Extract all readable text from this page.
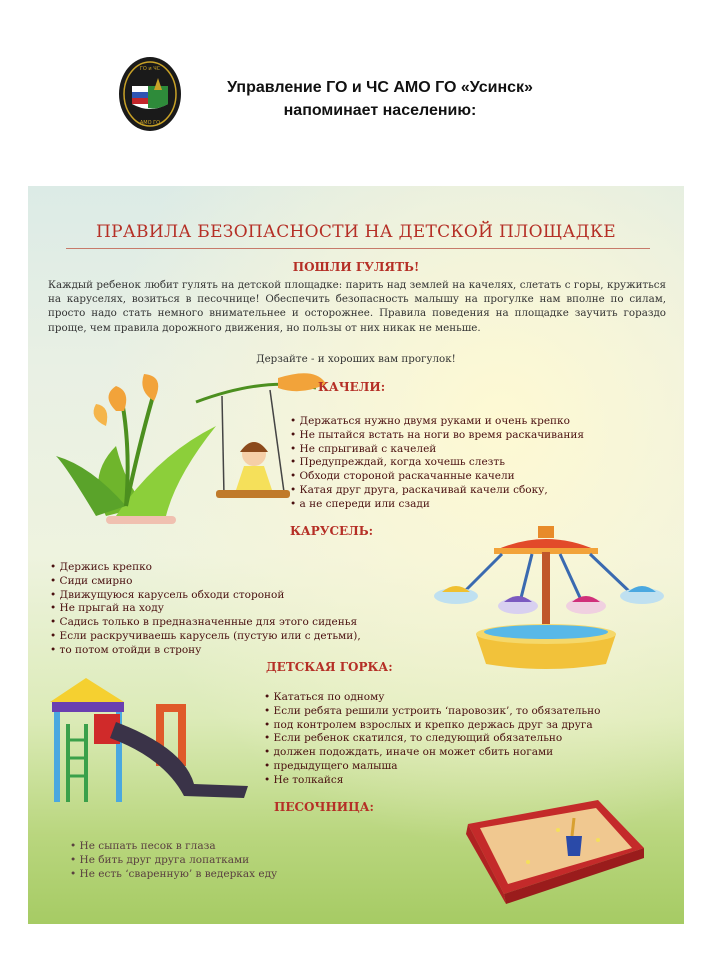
ГО и ЧС
АМО ГО
Управление ГО и ЧС АМО ГО «Усинск»
напоминает населению:
ПРАВИЛА БЕЗОПАСНОСТИ НА ДЕТСКОЙ ПЛОЩАДКЕ
ПОШЛИ ГУЛЯТЬ!
Каждый ребенок любит гулять на детской площадке: парить над землей на качелях, слетать с горы, кружиться на каруселях, возиться в песочнице! Обеспечить безопасность малышу на прогулке нам вполне по силам, просто надо стать немного внимательнее и осторожнее. Правила поведения на площадке заучить гораздо проще, чем правила дорожного движения, но пользы от них никак не меньше.
Дерзайте - и хороших вам прогулок!
КАЧЕЛИ:
• Держаться нужно двумя руками и очень крепко
• Не пытайся встать на ноги во время раскачивания
• Не спрыгивай с качелей
• Предупреждай, когда хочешь слезть
• Обходи стороной раскачанные качели
• Катая друг друга, раскачивай качели сбоку,
• а не спереди или сзади
КАРУСЕЛЬ:
• Держись крепко
• Сиди смирно
• Движущуюся карусель обходи стороной
• Не прыгай на ходу
• Садись только в предназначенные для этого сиденья
• Если раскручиваешь карусель (пустую или с детьми),
• то потом отойди в строну
ДЕТСКАЯ ГОРКА:
• Кататься по одному
• Если ребята решили устроить ‘паровозик’, то обязательно
• под контролем взрослых и крепко держась друг за друга
• Если ребенок скатился, то следующий обязательно
• должен подождать, иначе он может сбить ногами
• предыдущего малыша
• Не толкайся
ПЕСОЧНИЦА:
• Не сыпать песок в глаза
• Не бить друг друга лопатками
• Не есть ‘сваренную’ в ведерках еду
